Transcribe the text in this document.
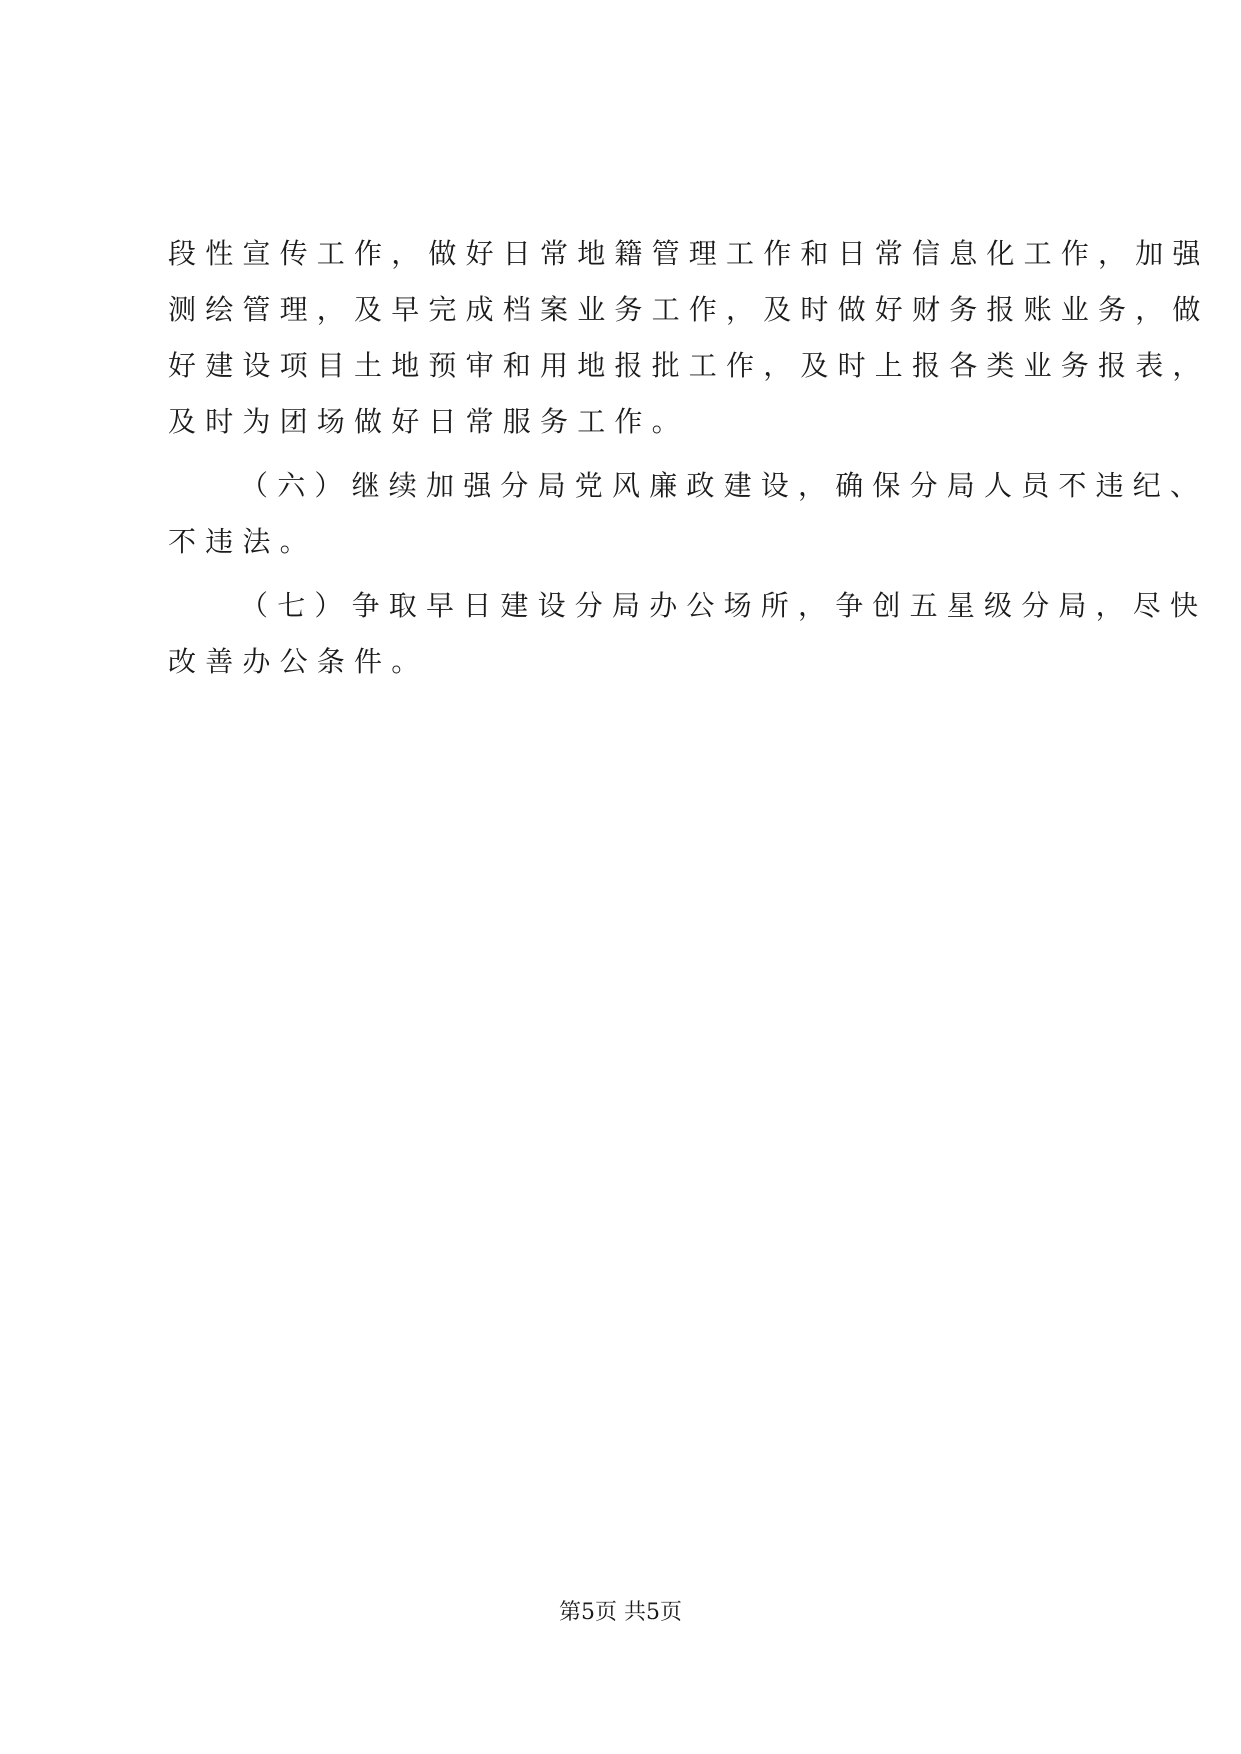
段性宣传工作，做好日常地籍管理工作和日常信息化工作，加强
测绘管理，及早完成档案业务工作，及时做好财务报账业务，做
好建设项目土地预审和用地报批工作，及时上报各类业务报表，
及时为团场做好日常服务工作。

（六）继续加强分局党风廉政建设，确保分局人员不违纪、
不违法。

（七）争取早日建设分局办公场所，争创五星级分局，尽快
改善办公条件。

第5页 共5页
